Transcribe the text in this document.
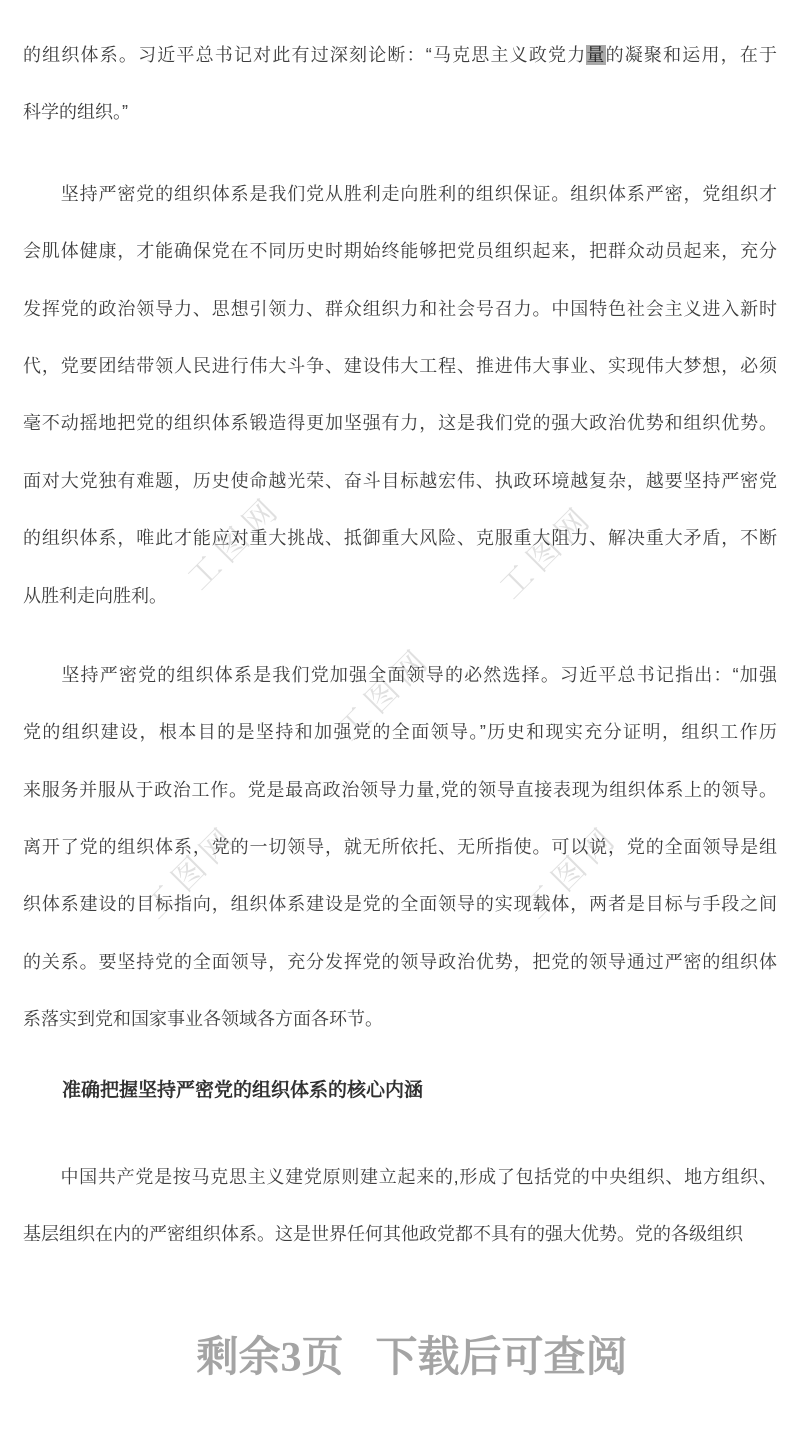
工图网	工图网
工图网
工图网	工图网
的组织体系。习近平总书记对此有过深刻论断：“马克思主义政党力量的凝聚和运用，在于
科学的组织。”
　　坚持严密党的组织体系是我们党从胜利走向胜利的组织保证。组织体系严密，党组织才
会肌体健康，才能确保党在不同历史时期始终能够把党员组织起来，把群众动员起来，充分
发挥党的政治领导力、思想引领力、群众组织力和社会号召力。中国特色社会主义进入新时
代，党要团结带领人民进行伟大斗争、建设伟大工程、推进伟大事业、实现伟大梦想，必须
毫不动摇地把党的组织体系锻造得更加坚强有力，这是我们党的强大政治优势和组织优势。
面对大党独有难题，历史使命越光荣、奋斗目标越宏伟、执政环境越复杂，越要坚持严密党
的组织体系，唯此才能应对重大挑战、抵御重大风险、克服重大阻力、解决重大矛盾，不断
从胜利走向胜利。
　　坚持严密党的组织体系是我们党加强全面领导的必然选择。习近平总书记指出：“加强
党的组织建设，根本目的是坚持和加强党的全面领导。”历史和现实充分证明，组织工作历
来服务并服从于政治工作。党是最高政治领导力量,党的领导直接表现为组织体系上的领导。
离开了党的组织体系，党的一切领导，就无所依托、无所指使。可以说，党的全面领导是组
织体系建设的目标指向，组织体系建设是党的全面领导的实现载体，两者是目标与手段之间
的关系。要坚持党的全面领导，充分发挥党的领导政治优势，把党的领导通过严密的组织体
系落实到党和国家事业各领域各方面各环节。
准确把握坚持严密党的组织体系的核心内涵
　　中国共产党是按马克思主义建党原则建立起来的,形成了包括党的中央组织、地方组织、
基层组织在内的严密组织体系。这是世界任何其他政党都不具有的强大优势。党的各级组织
剩余3页 下载后可查阅
